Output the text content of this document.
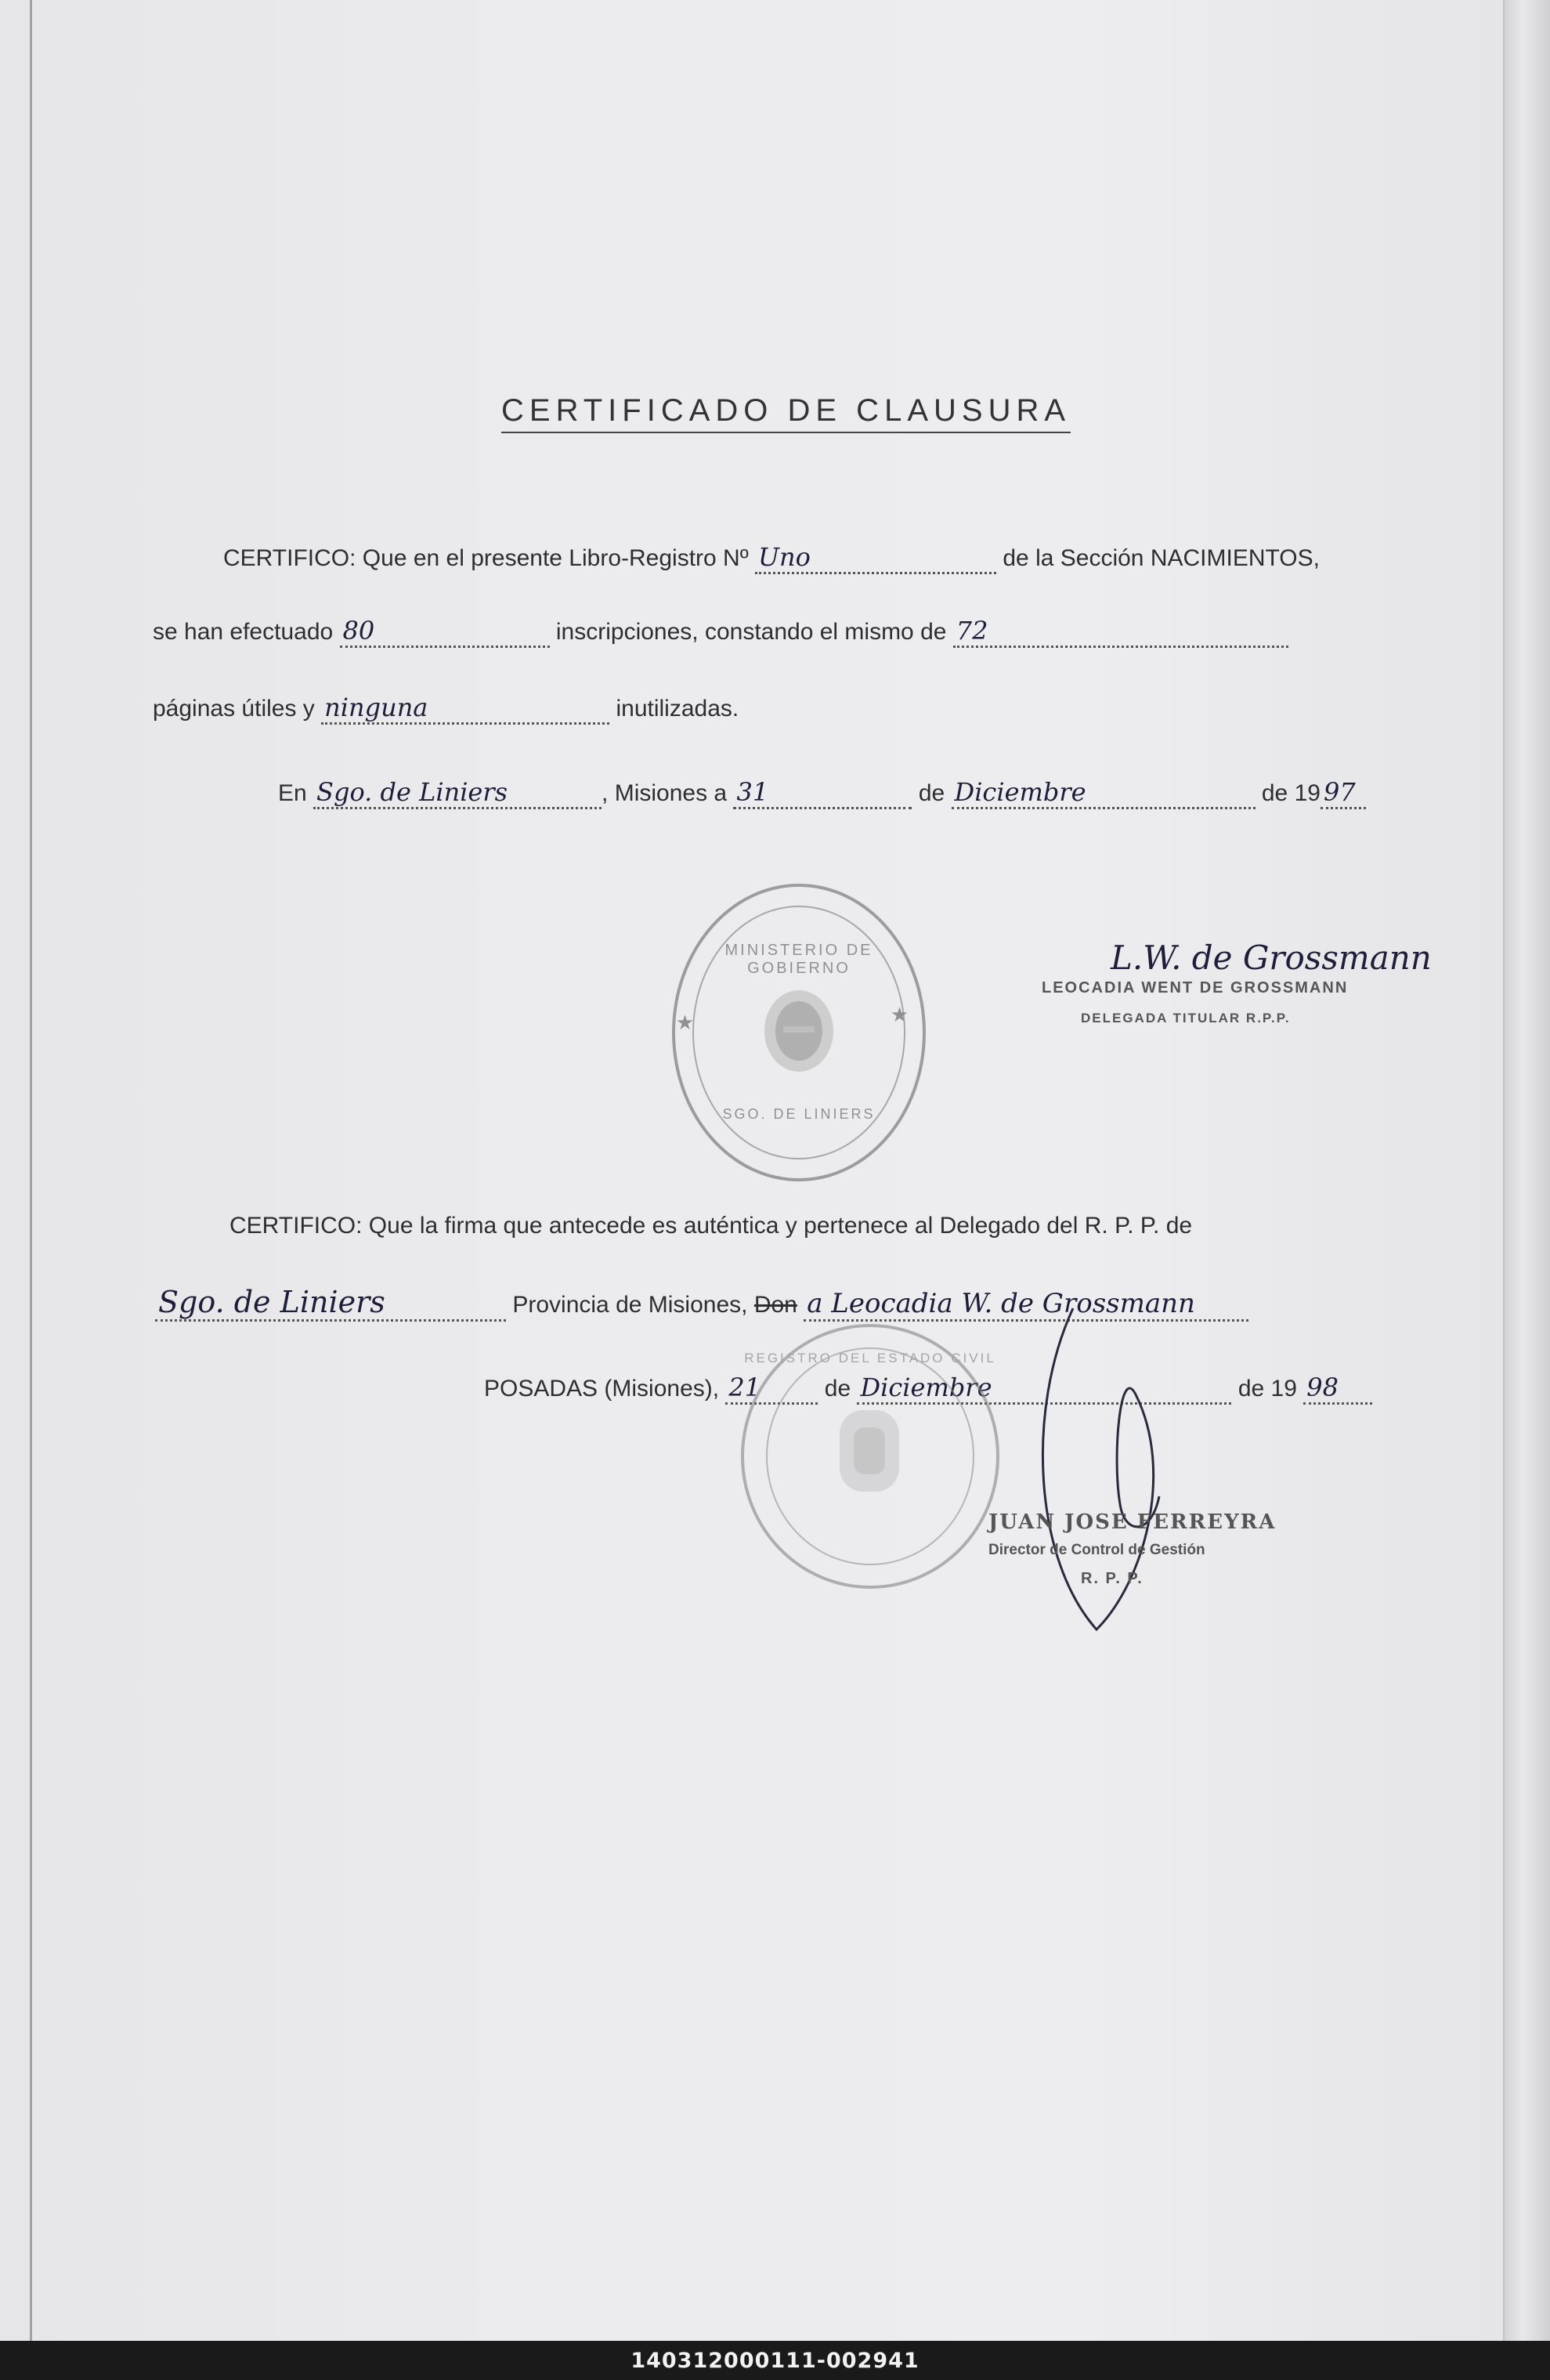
CERTIFICADO DE CLAUSURA
CERTIFICO: Que en el presente Libro-Registro Nº Uno	de la Sección NACIMIENTOS,
se han efectuado 80	inscripciones, constando el mismo de 72
páginas útiles y ninguna	inutilizadas.
En Sgo. de Liniers	, Misiones a 31	de Diciembre	de 19 97
MINISTERIO DE GOBIERNO
★	★
SGO. DE LINIERS
L.W. de Grossmann
LEOCADIA WENT DE GROSSMANN
DELEGADA TITULAR R.P.P.
CERTIFICO: Que la firma que antecede es auténtica y pertenece al Delegado del R. P. P. de
Sgo. de Liniers	Provincia de Misiones, Don a Leocadia W. de Grossmann
POSADAS (Misiones), 21	de Diciembre	de 19 98
REGISTRO DEL ESTADO CIVIL
JUAN JOSE FERREYRA
Director de Control de Gestión
R. P. P.
140312000111-002941
